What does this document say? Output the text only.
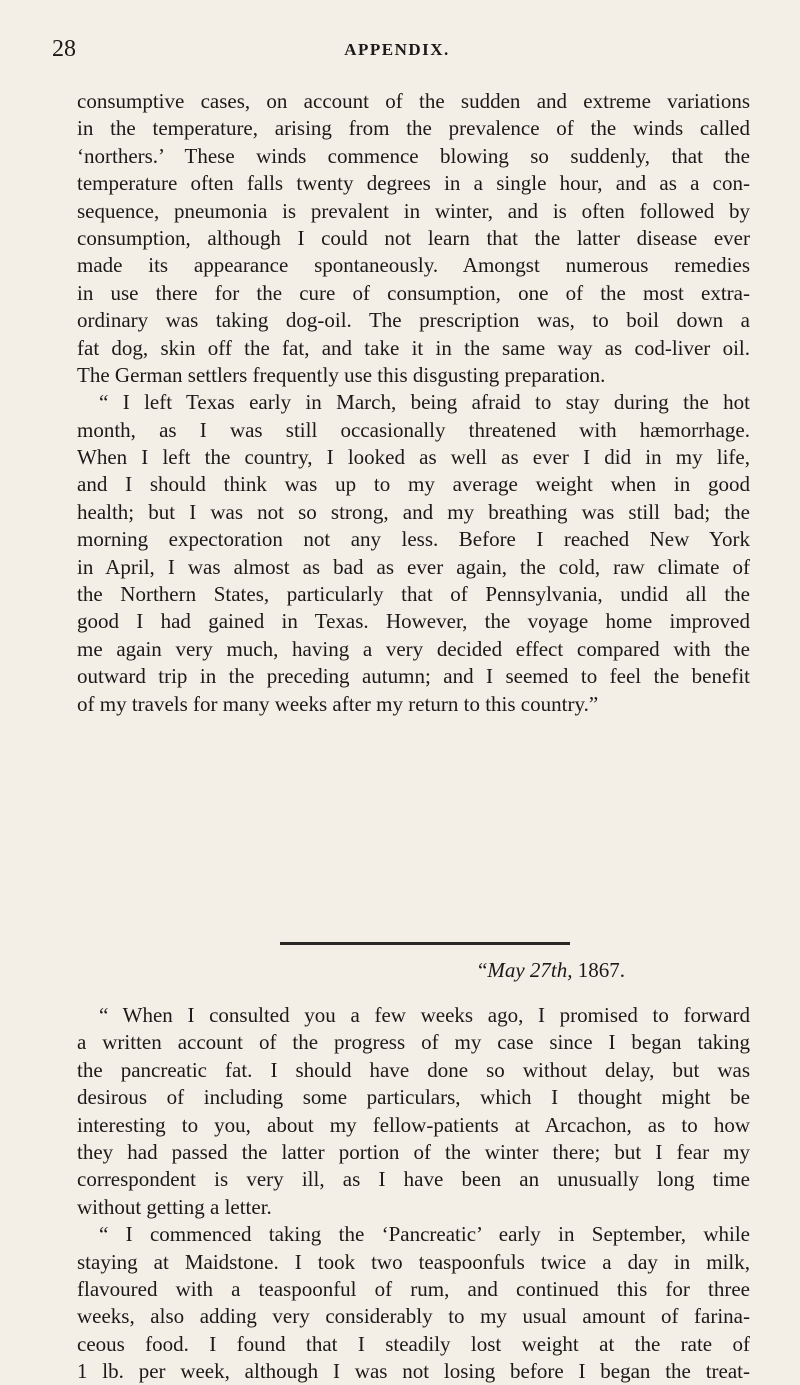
28	APPENDIX.
consumptive cases, on account of the sudden and extreme variations
in the temperature, arising from the prevalence of the winds called
‘northers.’ These winds commence blowing so suddenly, that the
temperature often falls twenty degrees in a single hour, and as a con-
sequence, pneumonia is prevalent in winter, and is often followed by
consumption, although I could not learn that the latter disease ever
made its appearance spontaneously. Amongst numerous remedies
in use there for the cure of consumption, one of the most extra-
ordinary was taking dog-oil. The prescription was, to boil down a
fat dog, skin off the fat, and take it in the same way as cod-liver oil.
The German settlers frequently use this disgusting preparation.
“ I left Texas early in March, being afraid to stay during the hot
month, as I was still occasionally threatened with hæmorrhage.
When I left the country, I looked as well as ever I did in my life,
and I should think was up to my average weight when in good
health; but I was not so strong, and my breathing was still bad; the
morning expectoration not any less. Before I reached New York
in April, I was almost as bad as ever again, the cold, raw climate of
the Northern States, particularly that of Pennsylvania, undid all the
good I had gained in Texas. However, the voyage home improved
me again very much, having a very decided effect compared with the
outward trip in the preceding autumn; and I seemed to feel the benefit
of my travels for many weeks after my return to this country.”
“May 27th, 1867.
“ When I consulted you a few weeks ago, I promised to forward
a written account of the progress of my case since I began taking
the pancreatic fat. I should have done so without delay, but was
desirous of including some particulars, which I thought might be
interesting to you, about my fellow-patients at Arcachon, as to how
they had passed the latter portion of the winter there; but I fear my
correspondent is very ill, as I have been an unusually long time
without getting a letter.
“ I commenced taking the ‘Pancreatic’ early in September, while
staying at Maidstone. I took two teaspoonfuls twice a day in milk,
flavoured with a teaspoonful of rum, and continued this for three
weeks, also adding very considerably to my usual amount of farina-
ceous food. I found that I steadily lost weight at the rate of
1 lb. per week, although I was not losing before I began the treat-
